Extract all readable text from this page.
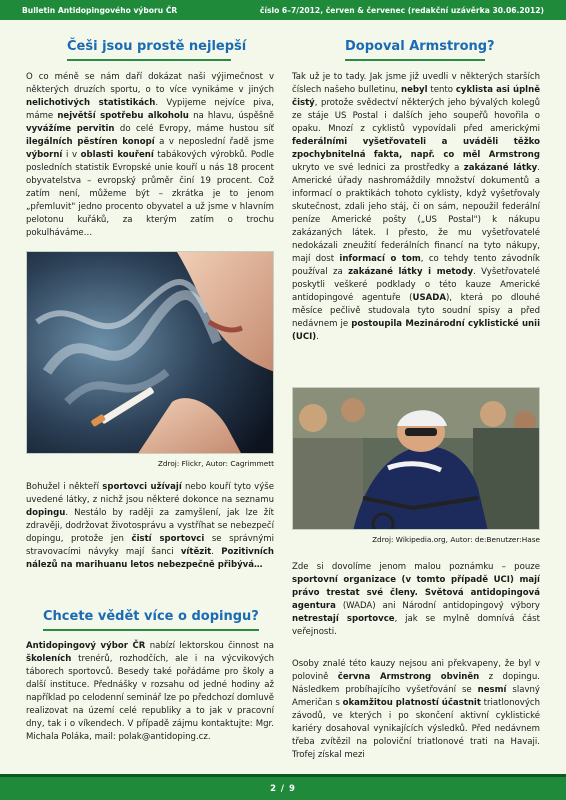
Bulletin Antidopingového výboru ČR	číslo 6–7/2012, červen & červenec (redakční uzávěrka 30.06.2012)
Češi jsou prostě nejlepší
O co méně se nám daří dokázat naši výjimečnost v některých druzích sportu, o to více vynikáme v jiných nelichotivých statistikách. Vypijeme nejvíce piva, máme největší spotřebu alkoholu na hlavu, úspěšně vyvážíme pervitin do celé Evropy, máme hustou síť ilegálních pěstíren konopí a v neposlední řadě jsme výborní i v oblasti kouření tabákových výrobků. Podle posledních statistik Evropské unie kouří u nás 18 procent obyvatelstva – evropský průměr činí 19 procent. Což zatím není, můžeme být – zkrátka je to jenom „přemluvit" jedno procento obyvatel a už jsme v hlavním pelotonu kuřáků, za kterým zatím o trochu pokulháváme…
Zdroj: Flickr, Autor: Cagrimmett
Bohužel i někteří sportovci užívají nebo kouří tyto výše uvedené látky, z nichž jsou některé dokonce na seznamu dopingu. Nestálo by raději za zamyšlení, jak lze žít zdravěji, dodržovat životosprávu a vystříhat se nebezpečí dopingu, protože jen čistí sportovci se správnými stravovacími návyky mají šanci vítězit. Pozitivních nálezů na marihuanu letos nebezpečně přibývá…
Chcete vědět více o dopingu?
Antidopingový výbor ČR nabízí lektorskou činnost na školeních trenérů, rozhodčích, ale i na výcvikových táborech sportovců. Besedy také pořádáme pro školy a další instituce. Přednášky v rozsahu od jedné hodiny až například po celodenní seminář lze po předchozí domluvě realizovat na území celé republiky a to jak v pracovní dny, tak i o víkendech. V případě zájmu kontaktujte: Mgr. Michala Poláka, mail: polak@antidoping.cz.
Dopoval Armstrong?
Tak už je to tady. Jak jsme již uvedli v některých starších číslech našeho bulletinu, nebyl tento cyklista asi úplně čistý, protože svědectví některých jeho bývalých kolegů ze stáje US Postal i dalších jeho soupeřů hovořila o opaku. Mnozí z cyklistů vypovídali před americkými federálními vyšetřovateli a uváděli těžko zpochybnitelná fakta, např. co měl Armstrong ukryto ve své lednici za prostředky a zakázané látky. Americké úřady nashromáždily množství dokumentů a informací o praktikách tohoto cyklisty, když vyšetřovaly skutečnost, zdali jeho stáj, či on sám, nepoužil federální peníze Americké pošty („US Postal") k nákupu zakázaných látek. I přesto, že mu vyšetřovatelé nedokázali zneužití federálních financí na tyto nákupy, mají dost informací o tom, co tehdy tento závodník používal za zakázané látky i metody. Vyšetřovatelé poskytli veškeré podklady o této kauze Americké antidopingové agentuře (USADA), která po dlouhé měsíce pečlivě studovala tyto soudní spisy a před nedávnem je postoupila Mezinárodní cyklistické unii (UCI).
Zdroj: Wikipedia.org, Autor: de:Benutzer:Hase
Zde si dovolíme jenom malou poznámku – pouze sportovní organizace (v tomto případě UCI) mají právo trestat své členy. Světová antidopingová agentura (WADA) ani Národní antidopingový výbory netrestají sportovce, jak se mylně domnívá část veřejnosti.
Osoby znalé této kauzy nejsou ani překvapeny, že byl v polovině června Armstrong obviněn z dopingu. Následkem probíhajícího vyšetřování se nesmí slavný Američan s okamžitou platností účastnit triatlonových závodů, ve kterých i po skončení aktivní cyklistické kariéry dosahoval vynikajících výsledků. Před nedávnem třeba zvítězil na poloviční triatlonové trati na Havaji. Trofej získal mezi
2 / 9
